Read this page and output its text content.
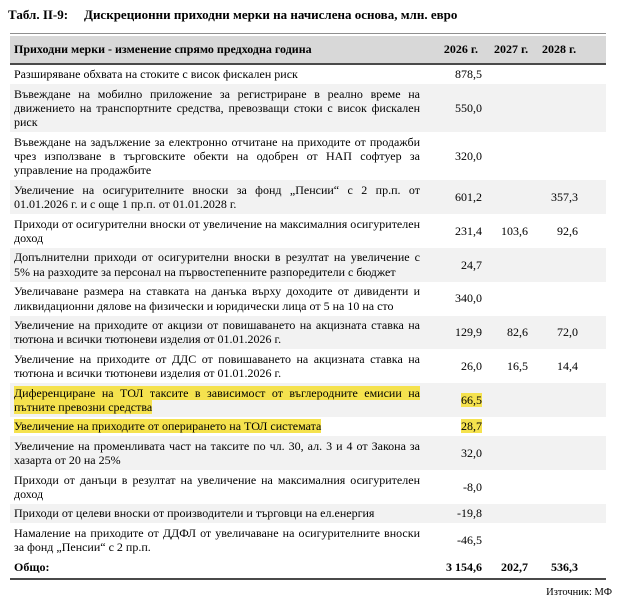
Табл. II-9:	Дискреционни приходни мерки на начислена основа, млн. евро
Приходни мерки - изменение спрямо предходна година	2026 г.	2027 г.	2028 г.
Разширяване обхвата на стоките с висок фискален риск	878,5		
Въвеждане на мобилно приложение за регистриране в реално време на движението на транспортните средства, превозващи стоки с висок фискален риск	550,0		
Въвеждане на задължение за електронно отчитане на приходите от продажби чрез използване в търговските обекти на одобрен от НАП софтуер за управление на продажбите	320,0		
Увеличение на осигурителните вноски за фонд „Пенсии“ с 2 пр.п. от 01.01.2026 г. и с още 1 пр.п. от 01.01.2028 г.	601,2		357,3
Приходи от осигурителни вноски от увеличение на максималния осигурителен доход	231,4	103,6	92,6
Допълнителни приходи от осигурителни вноски в резултат на увеличение с 5% на разходите за персонал на първостепенните разпоредители с бюджет	24,7		
Увеличаване размера на ставката на данъка върху доходите от дивиденти и ликвидационни дялове на физически и юридически лица от 5 на 10 на сто	340,0		
Увеличение на приходите от акцизи от повишаването на акцизната ставка на тютюна и всички тютюневи изделия от 01.01.2026 г.	129,9	82,6	72,0
Увеличение на приходите от ДДС от повишаването на акцизната ставка на тютюна и всички тютюневи изделия от 01.01.2026 г.	26,0	16,5	14,4
Диференциране на ТОЛ таксите в зависимост от въглеродните емисии на пътните превозни средства	66,5		
Увеличение на приходите от оперирането на ТОЛ системата	28,7		
Увеличение на променливата част на таксите по чл. 30, ал. 3 и 4 от Закона за хазарта от 20 на 25%	32,0		
Приходи от данъци в резултат на увеличение на максималния осигурителен доход	-8,0		
Приходи от целеви вноски от производители и търговци на ел.енергия	-19,8		
Намаление на приходите от ДДФЛ от увеличаване на осигурителните вноски за фонд „Пенсии“ с 2 пр.п.	-46,5		
Общо:	3 154,6	202,7	536,3
Източник: МФ
